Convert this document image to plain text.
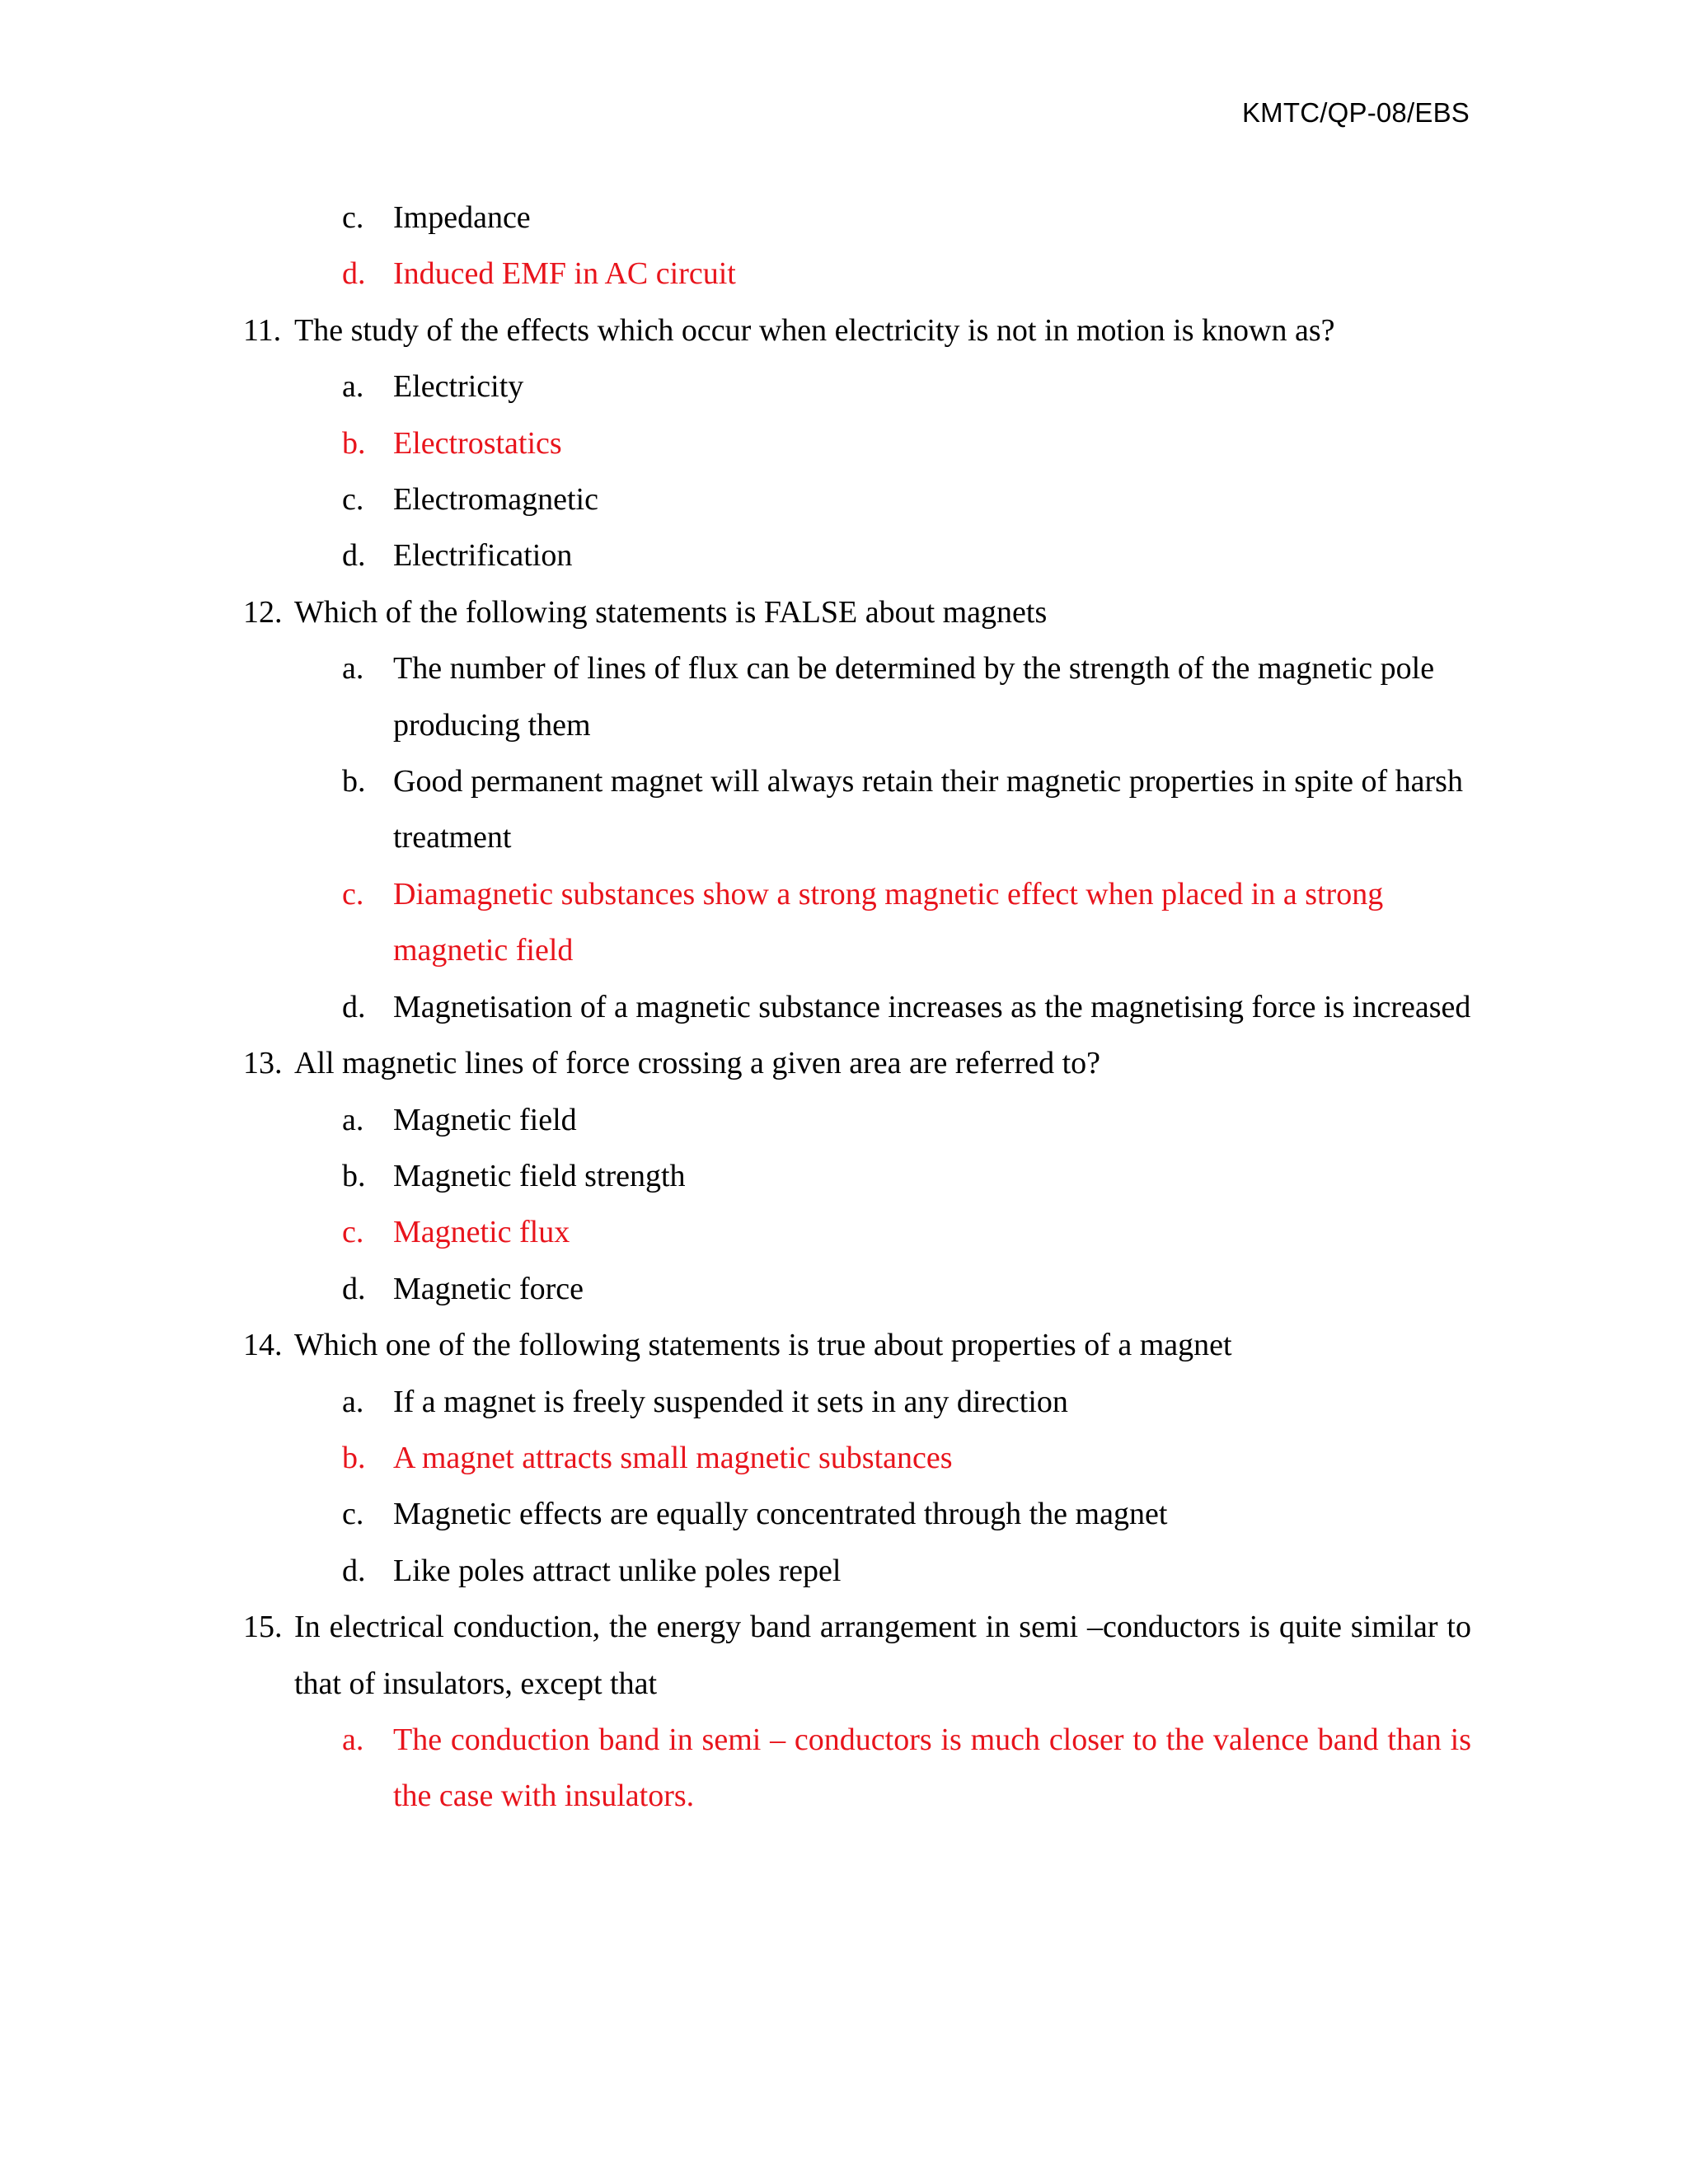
KMTC/QP-08/EBS
c. Impedance
d. Induced EMF in AC circuit
11. The study of the effects which occur when electricity is not in motion is known as?
a. Electricity
b. Electrostatics
c. Electromagnetic
d. Electrification
12. Which of the following statements is FALSE about magnets
a. The number of lines of flux can be determined by the strength of the magnetic pole producing them
b. Good permanent magnet will always retain their magnetic properties in spite of harsh treatment
c. Diamagnetic substances show a strong magnetic effect when placed in a strong magnetic field
d. Magnetisation of a magnetic substance increases as the magnetising force is increased
13. All magnetic lines of force crossing a given area are referred to?
a. Magnetic field
b. Magnetic field strength
c. Magnetic flux
d. Magnetic force
14. Which one of the following statements is true about properties of a magnet
a. If a magnet is freely suspended it sets in any direction
b. A magnet attracts small magnetic substances
c. Magnetic effects are equally concentrated through the magnet
d. Like poles attract unlike poles repel
15. In electrical conduction, the energy band arrangement in semi –conductors is quite similar to that of insulators, except that
a. The conduction band in semi – conductors is much closer to the valence band than is the case with insulators.
